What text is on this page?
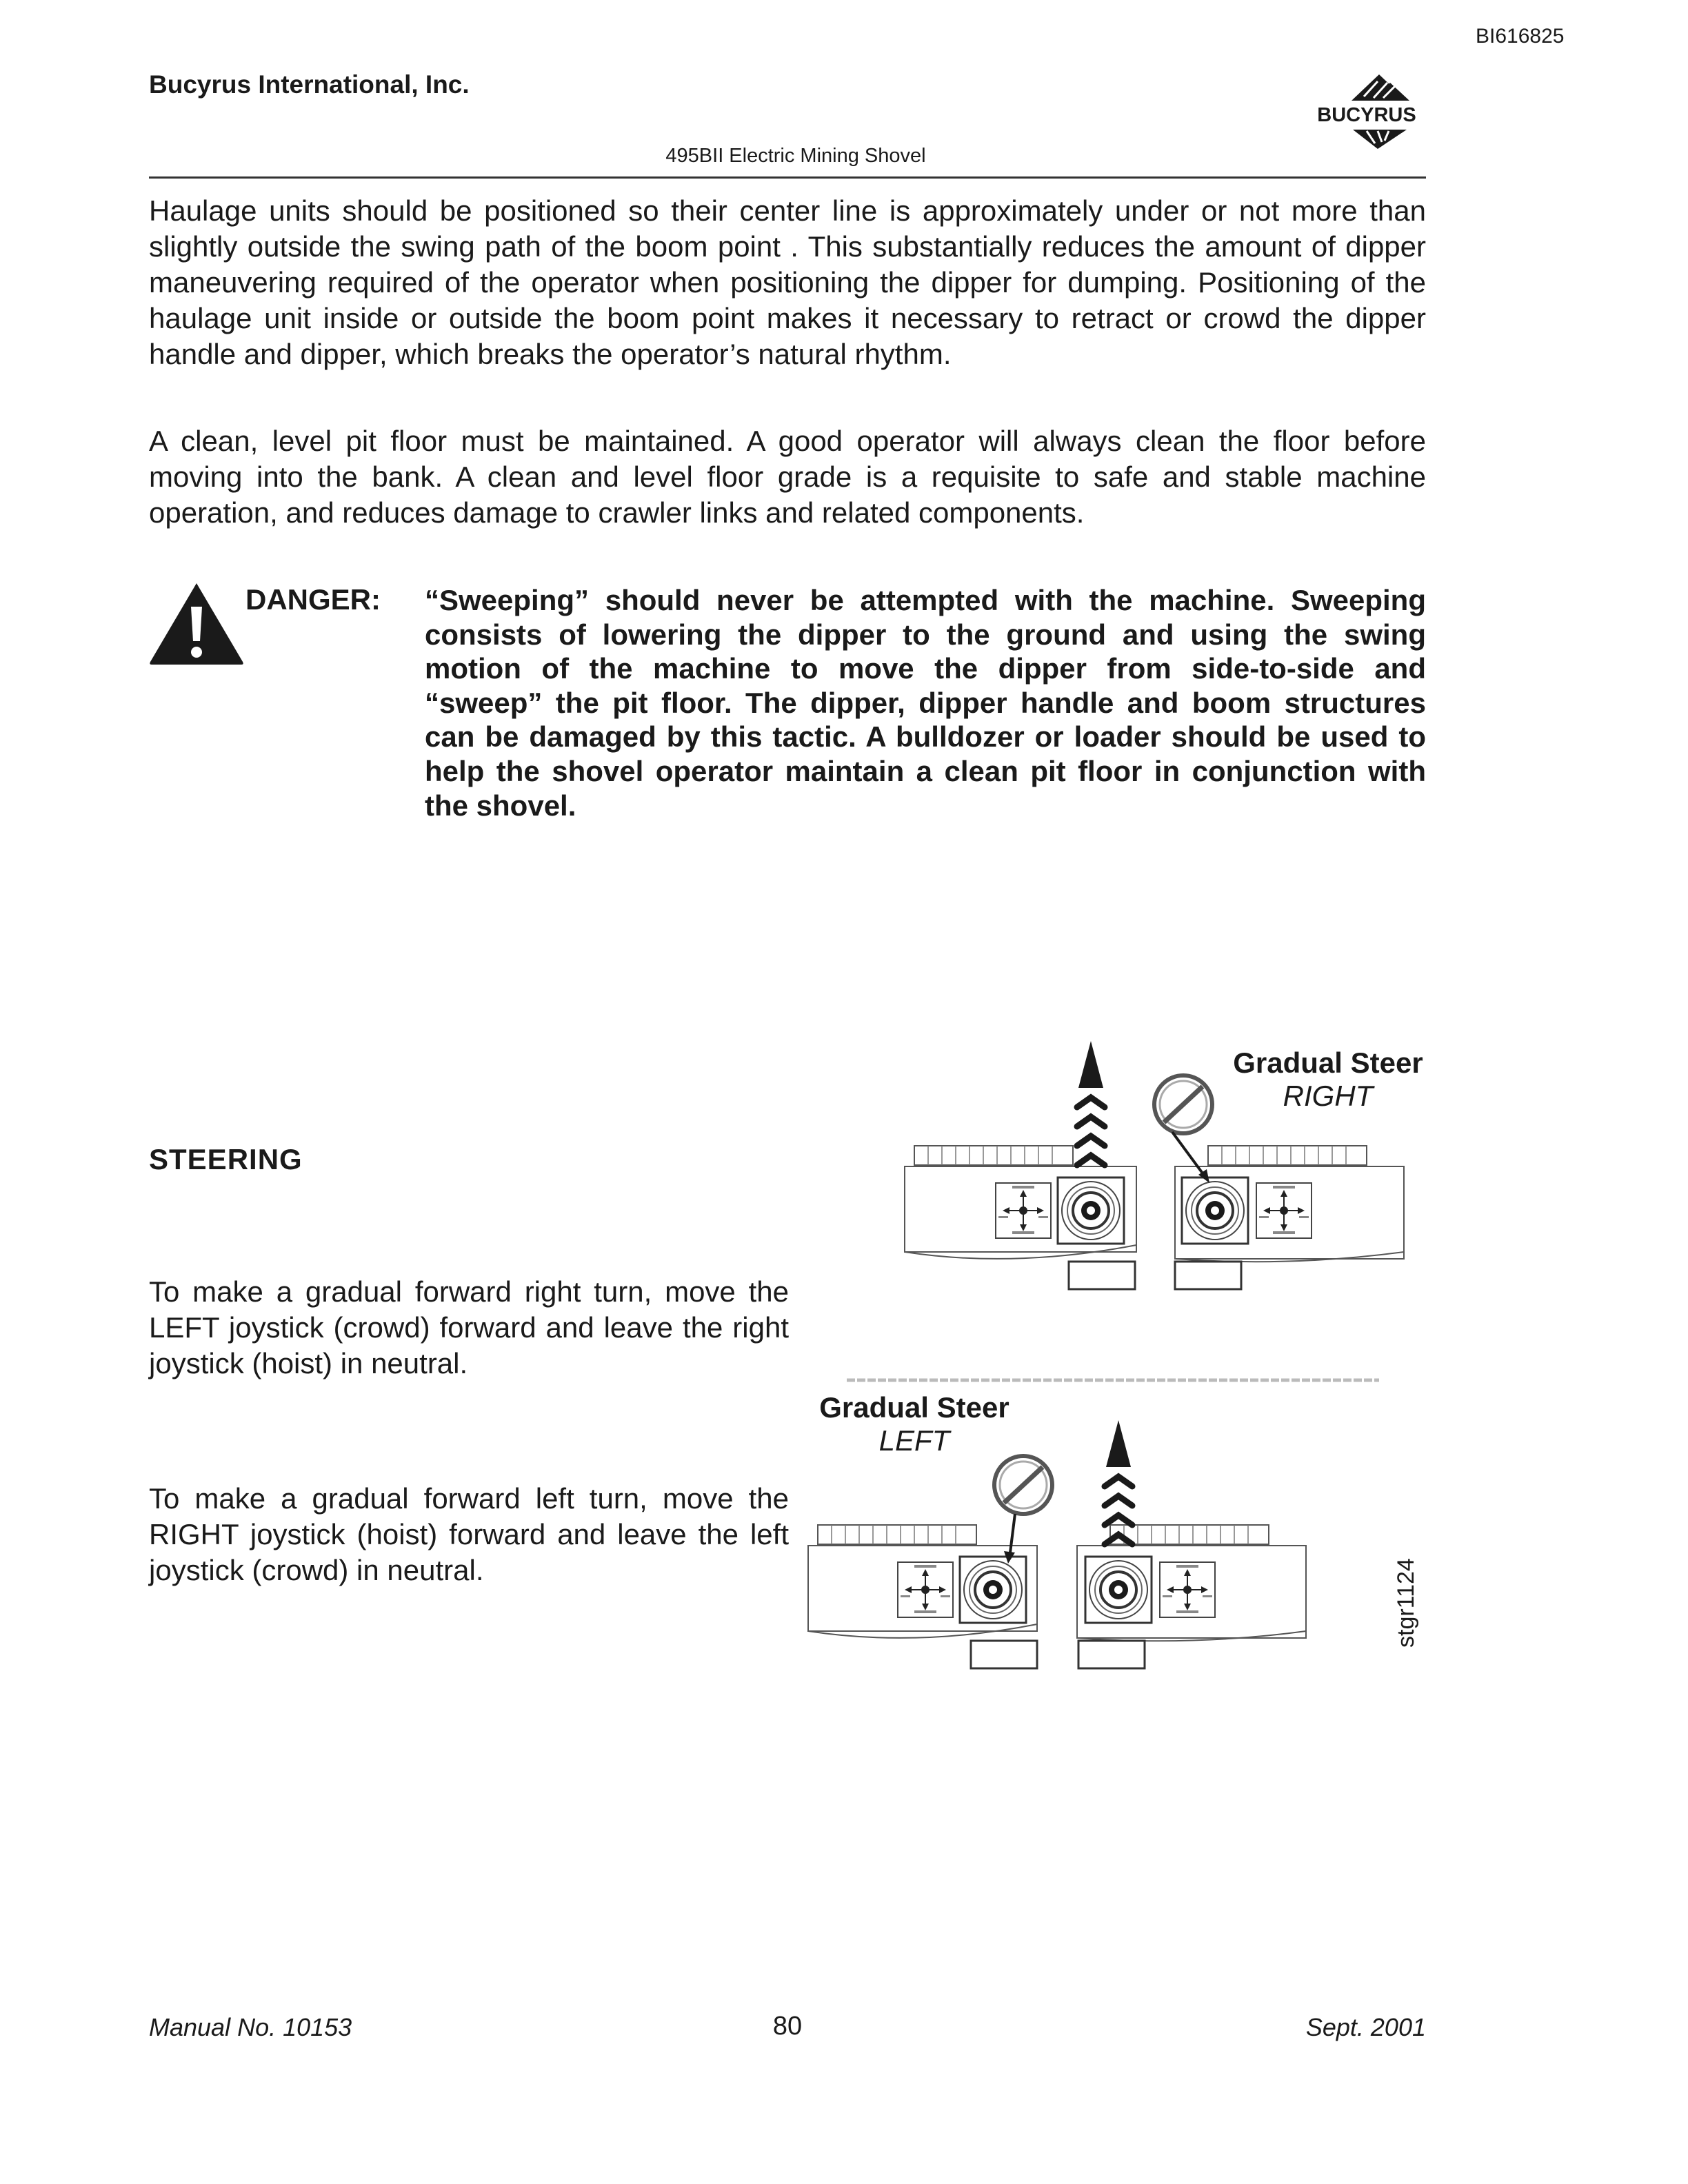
BI616825
Bucyrus International, Inc.
BUCYRUS
495BII Electric Mining Shovel

Haulage units should be positioned so their center line is approximately under or not more than slightly outside the swing path of the boom point . This substantially reduces the amount of dipper maneuvering required of the operator when positioning the dipper for dumping. Positioning of the haulage unit inside or outside the boom point makes it necessary to retract or crowd the dipper handle and dipper, which breaks the operator’s natural rhythm.

A clean, level pit floor must be maintained. A good operator will always clean the floor before moving into the bank. A clean and level floor grade is a requisite to safe and stable machine operation, and reduces damage to crawler links and related components.

DANGER: “Sweeping” should never be attempted with the machine. Sweeping consists of lowering the dipper to the ground and using the swing motion of the machine to move the dipper from side-to-side and “sweep” the pit floor. The dipper, dipper handle and boom structures can be damaged by this tactic. A bulldozer or loader should be used to help the shovel operator maintain a clean pit floor in conjunction with the shovel.

STEERING

To make a gradual forward right turn, move the LEFT joystick (crowd) forward and leave the right joystick (hoist) in neutral.

To make a gradual forward left turn, move the RIGHT joystick (hoist) forward and leave the left joystick (crowd) in neutral.

Gradual Steer
RIGHT
Gradual Steer
LEFT
stgr1124
Manual No. 10153	80	Sept. 2001
